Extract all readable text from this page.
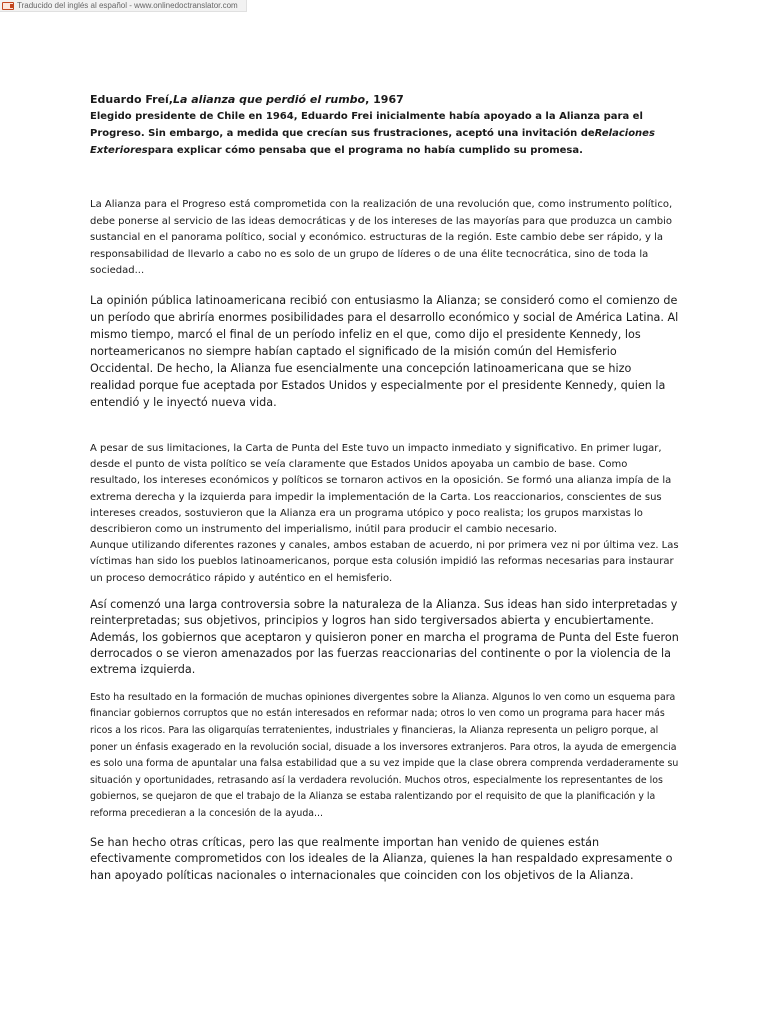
Traducido del inglés al español - www.onlinedoctranslator.com

Eduardo Freí,La alianza que perdió el rumbo, 1967

Elegido presidente de Chile en 1964, Eduardo Frei inicialmente había apoyado a la Alianza para el Progreso. Sin embargo, a medida que crecían sus frustraciones, aceptó una invitación deRelaciones Exteriorespara explicar cómo pensaba que el programa no había cumplido su promesa.

La Alianza para el Progreso está comprometida con la realización de una revolución que, como instrumento político, debe ponerse al servicio de las ideas democráticas y de los intereses de las mayorías para que produzca un cambio sustancial en el panorama político, social y económico. estructuras de la región. Este cambio debe ser rápido, y la responsabilidad de llevarlo a cabo no es solo de un grupo de líderes o de una élite tecnocrática, sino de toda la sociedad...

La opinión pública latinoamericana recibió con entusiasmo la Alianza; se consideró como el comienzo de un período que abriría enormes posibilidades para el desarrollo económico y social de América Latina. Al mismo tiempo, marcó el final de un período infeliz en el que, como dijo el presidente Kennedy, los norteamericanos no siempre habían captado el significado de la misión común del Hemisferio Occidental. De hecho, la Alianza fue esencialmente una concepción latinoamericana que se hizo realidad porque fue aceptada por Estados Unidos y especialmente por el presidente Kennedy, quien la entendió y le inyectó nueva vida.

A pesar de sus limitaciones, la Carta de Punta del Este tuvo un impacto inmediato y significativo. En primer lugar, desde el punto de vista político se veía claramente que Estados Unidos apoyaba un cambio de base. Como resultado, los intereses económicos y políticos se tornaron activos en la oposición. Se formó una alianza impía de la extrema derecha y la izquierda para impedir la implementación de la Carta. Los reaccionarios, conscientes de sus intereses creados, sostuvieron que la Alianza era un programa utópico y poco realista; los grupos marxistas lo describieron como un instrumento del imperialismo, inútil para producir el cambio necesario.

Aunque utilizando diferentes razones y canales, ambos estaban de acuerdo, ni por primera vez ni por última vez. Las víctimas han sido los pueblos latinoamericanos, porque esta colusión impidió las reformas necesarias para instaurar un proceso democrático rápido y auténtico en el hemisferio.

Así comenzó una larga controversia sobre la naturaleza de la Alianza. Sus ideas han sido interpretadas y reinterpretadas; sus objetivos, principios y logros han sido tergiversados abierta y encubiertamente. Además, los gobiernos que aceptaron y quisieron poner en marcha el programa de Punta del Este fueron derrocados o se vieron amenazados por las fuerzas reaccionarias del continente o por la violencia de la extrema izquierda.

Esto ha resultado en la formación de muchas opiniones divergentes sobre la Alianza. Algunos lo ven como un esquema para financiar gobiernos corruptos que no están interesados en reformar nada; otros lo ven como un programa para hacer más ricos a los ricos. Para las oligarquías terratenientes, industriales y financieras, la Alianza representa un peligro porque, al poner un énfasis exagerado en la revolución social, disuade a los inversores extranjeros. Para otros, la ayuda de emergencia es solo una forma de apuntalar una falsa estabilidad que a su vez impide que la clase obrera comprenda verdaderamente su situación y oportunidades, retrasando así la verdadera revolución. Muchos otros, especialmente los representantes de los gobiernos, se quejaron de que el trabajo de la Alianza se estaba ralentizando por el requisito de que la planificación y la reforma precedieran a la concesión de la ayuda...

Se han hecho otras críticas, pero las que realmente importan han venido de quienes están efectivamente comprometidos con los ideales de la Alianza, quienes la han respaldado expresamente o han apoyado políticas nacionales o internacionales que coinciden con los objetivos de la Alianza.
